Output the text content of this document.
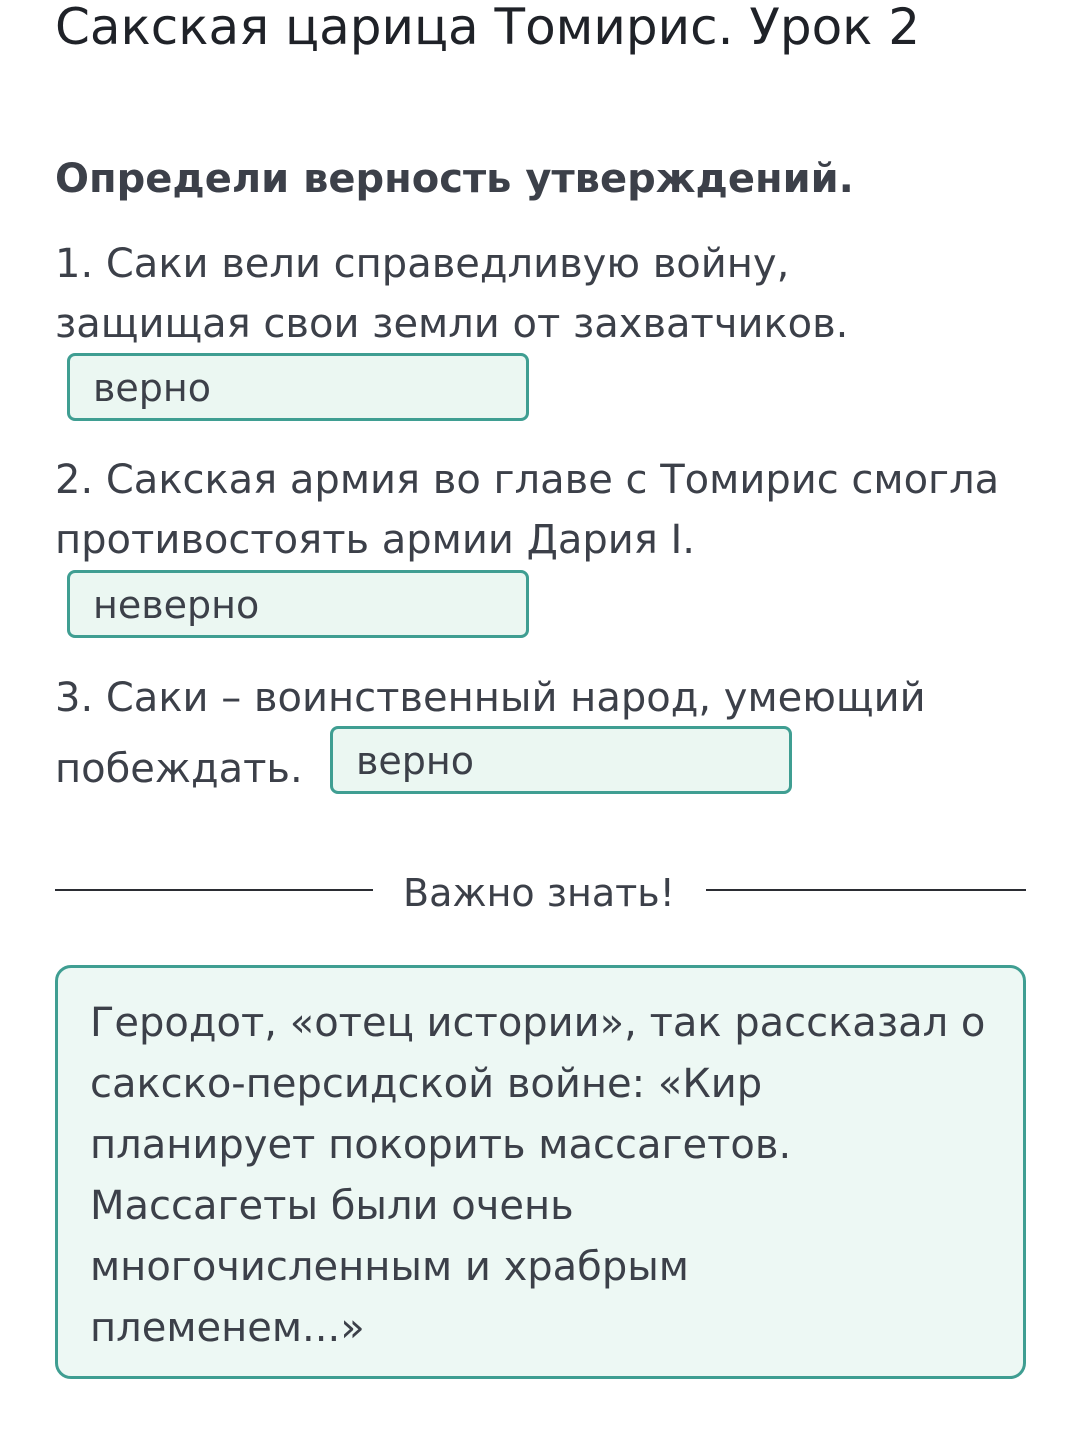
Сакская царица Томирис. Урок 2
Определи верность утверждений.

1. Саки вели справедливую войну,
защищая свои земли от захватчиков.

верно

2. Сакская армия во главе с Томирис смогла
противостоять армии Дария I.

неверно

3. Саки – воинственный народ, умеющий

побеждать. верно
Важно знать!
Геродот, «отец истории», так рассказал о
сакско-персидской войне: «Кир
планирует покорить массагетов.
Массагеты были очень
многочисленным и храбрым
племенем...»
